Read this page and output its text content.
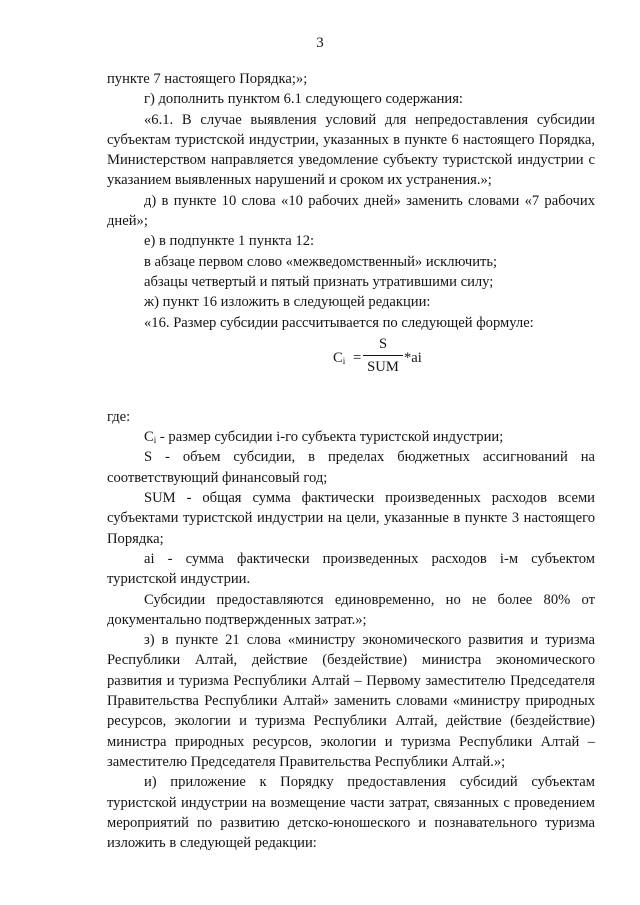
3

пункте 7 настоящего Порядка;»;

г) дополнить пунктом 6.1 следующего содержания:

«6.1. В случае выявления условий для непредоставления субсидии субъектам туристской индустрии, указанных в пункте 6 настоящего Порядка, Министерством направляется уведомление субъекту туристской индустрии с указанием выявленных нарушений и сроком их устранения.»;

д) в пункте 10 слова «10 рабочих дней» заменить словами «7 рабочих дней»;

е) в подпункте 1 пункта 12:

в абзаце первом слово «межведомственный» исключить;

абзацы четвертый и пятый признать утратившими силу;

ж) пункт 16 изложить в следующей редакции:

«16. Размер субсидии рассчитывается по следующей формуле:

$C_i$ =
S
SUM
*ai

где:

$C_i$ - размер субсидии i-го субъекта туристской индустрии;

S - объем субсидии, в пределах бюджетных ассигнований на соответствующий финансовый год;

SUM - общая сумма фактически произведенных расходов всеми субъектами туристской индустрии на цели, указанные в пункте 3 настоящего Порядка;

ai - сумма фактически произведенных расходов i-м субъектом туристской индустрии.

Субсидии предоставляются единовременно, но не более 80% от документально подтвержденных затрат.»;

з) в пункте 21 слова «министру экономического развития и туризма Республики Алтай, действие (бездействие) министра экономического развития и туризма Республики Алтай – Первому заместителю Председателя Правительства Республики Алтай» заменить словами «министру природных ресурсов, экологии и туризма Республики Алтай, действие (бездействие) министра природных ресурсов, экологии и туризма Республики Алтай – заместителю Председателя Правительства Республики Алтай.»;

и) приложение к Порядку предоставления субсидий субъектам туристской индустрии на возмещение части затрат, связанных с проведением мероприятий по развитию детско-юношеского и познавательного туризма изложить в следующей редакции:
